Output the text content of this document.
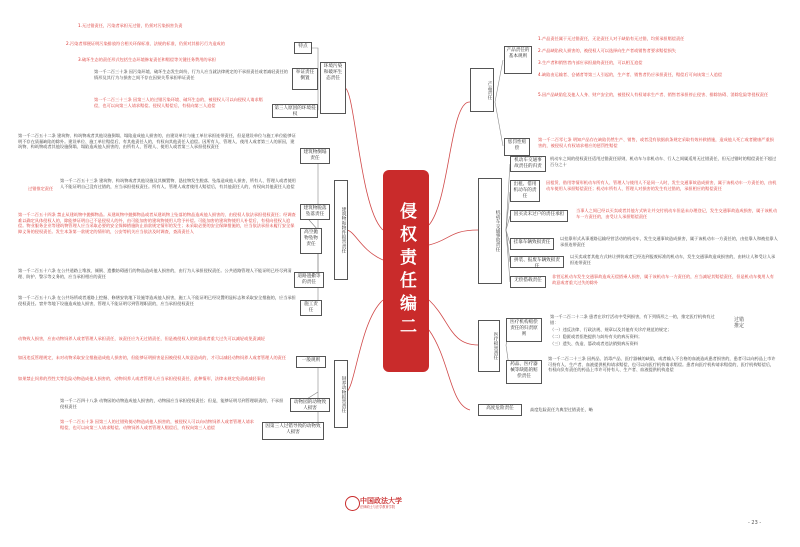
侵权责任编二
环境污染和破坏生态责任
特点
1.无过错责任，污染者承担无过错，仍须对污染损害负责
2.污染者那便证明污染排放符合相关环保标准、法规的标准，仍须对其排污行为造成的
3.破坏生态的责任形式包括生态环境修复责任和赔偿等关键任务费用的承担
举证责任倒置
第一千二百三十条 因污染环境、破坏生态发生纠纷，行为人应当就法律规定的不承担责任或者减轻责任的情形及其行为与损害之间不存在因果关系承担举证责任
第三人原因的环境侵权
第一千二百三十三条 因第三人的过错污染环境、破坏生态的，被侵权人可以向侵权人请求赔偿，也可以向第三人请求赔偿。侵权人赔偿后，有权向第三人追偿
建筑物和物件损害责任
建筑物倒塌责任
第一千二百五十二条 建筑物、构筑物或者其他设施倒塌、塌陷造成他人损害的，由建设单位与施工单位承担连带责任，但是建设单位与施工单位能够证明不存在质量缺陷的除外。建设单位、施工单位赔偿后，有其他责任人的，有权向其他责任人追偿。因所有人、管理人、使用人或者第三人的原因，建筑物、构筑物或者其他设施倒塌、塌陷造成他人损害的，由所有人、管理人、使用人或者第三人承担侵权责任
过错推定责任
建筑物脱落坠落责任
第一千二百五十三条 建筑物、构筑物或者其他设施及其搁置物、悬挂物发生脱落、坠落造成他人损害，所有人、管理人或者使用人不能证明自己没有过错的，应当承担侵权责任。所有人、管理人或者使用人赔偿后，有其他责任人的，有权向其他责任人追偿
高空抛物坠物责任
第一千二百五十四条 禁止从建筑物中抛掷物品。从建筑物中抛掷物品或者从建筑物上坠落的物品造成他人损害的，由侵权人依法承担侵权责任；经调查难以确定具体侵权人的，除能够证明自己不是侵权人的外，由可能加害的建筑物使用人给予补偿。可能加害的建筑物使用人补偿后，有权向侵权人追偿。物业服务企业等建筑物管理人应当采取必要的安全保障措施防止前款规定情形的发生；未采取必要的安全保障措施的，应当依法承担未履行安全保障义务的侵权责任。发生本条第一款规定的情形的，公安等机关应当依法及时调查，查清责任人
道路遗撒等的责任
第一千二百五十六条 在公共道路上堆放、倾倒、遗撒妨碍通行的物品造成他人损害的，由行为人承担侵权责任。公共道路管理人不能证明已经尽到清理、防护、警示等义务的，应当承担相应的责任
施工责任
第一千二百五十八条 在公共场所或者道路上挖掘、修缮安装地下设施等造成他人损害，施工人不能证明已经设置明显标志和采取安全措施的，应当承担侵权责任。窨井等地下设施造成他人损害，管理人不能证明尽到管理职责的，应当承担侵权责任
饲养动物损害责任
一般规则
动物致人损害，应由动物饲养人或者管理人承担责任，该责任应为无过错责任，但是被侵权人的故意或者重大过失可以减轻或免责减轻
如因违反管理规定，未对动物采取安全措施造成他人损害的，但能够证明损害是因被侵权人故意造成的，才可以减轻动物饲养人或者管理人的责任
如果禁止饲养的烈性犬等危险动物造成他人损害的，动物饲养人或者管理人应当承担侵权责任，此种情形，法律未规定免责或减轻事由
动物园的动物致人损害
第一千二百四十八条 动物园的动物造成他人损害的，动物园应当承担侵权责任；但是，能够证明尽到管理职责的，不承担侵权责任
因第三人过错导致的动物致人损害
第一千二百五十条 因第三人的过错致使动物造成他人损害的，被侵权人可以向动物饲养人或者管理人请求赔偿，也可以向第三人请求赔偿。动物饲养人或者管理人赔偿后，有权向第三人追偿
产品责任
产品责任的基本规则
1.产品责任属于无过错责任，无论责任人对于缺陷有无过错，均须承担赔偿责任
2.产品缺陷致人损害的，被侵权人可以选择向生产者或销售者要求赔偿损失
3.生产者和销售者内部应承担最终责任的，可以相互追偿
4.缺陷由运输者、仓储者等第三人引起的，生产者、销售者仍应承担责任，赔偿后可向该第三人追偿
5.因产品缺陷危及他人人身、财产安全的，被侵权人有权请求生产者、销售者承担停止侵害、排除妨碍、消除危险等侵权责任
惩罚性赔偿
第一千二百零七条 明知产品存在缺陷仍然生产、销售，或者没有依据前条规定采取有效补救措施，造成他人死亡或者健康严重损害的，被侵权人有权请求相应的惩罚性赔偿
机动车交通事故责任
机动车交通事故责任的归责
机动车之间的侵权责任适用过错责任原则，机动车与非机动车、行人之间属适用无过错责任，但无过错时的赔偿责任不超过百分之十
出租、借用机动车的责任
因租赁、借用等情形机动车所有人、管理人与使用人不是同一人时，发生交通事故造成损害，属于该机动车一方责任的，由机动车使用人承担赔偿责任；机动车所有人、管理人对损害的发生有过错的，承担相应的赔偿责任
因买卖未过户的责任承担
当事人之间已经以买卖或者其他方式转让并交付机动车但是未办理登记，发生交通事故造成损害，属于该机动车一方责任的，由受让人承担赔偿责任
挂靠车辆致损责任
以挂靠形式从事道路运输经营活动的机动车，发生交通事故造成损害，属于该机动车一方责任的，由挂靠人和被挂靠人承担连带责任
拼装、报废车辆致损责任
以买卖或者其他方式转让拼装或者已经达到报废标准的机动车，发生交通事故造成损害的，由转让人和受让人承担连带责任
无偿搭载责任
非营运机动车发生交通事故造成无偿搭乘人损害，属于该机动车一方责任的，应当减轻其赔偿责任，但是机动车使用人有故意或者重大过失的除外
医疗损害责任
医疗机构赔偿责任的归责原则
第一千二百二十二条 患者在诊疗活动中受到损害，有下列情形之一的，推定医疗机构有过错：
（一）违反法律、行政法规、规章以及其他有关诊疗规范的规定；
（二）隐匿或者拒绝提供与纠纷有关的病历资料；
（三）遗失、伪造、篡改或者违法销毁病历资料
过错推定
药品、医疗器械等缺陷的赔偿责任
第一千二百二十三条 因药品、消毒产品、医疗器械的缺陷，或者输入不合格的血液造成患者损害的，患者可以向药品上市许可持有人、生产者、血液提供机构请求赔偿，也可以向医疗机构请求赔偿。患者向医疗机构请求赔偿的，医疗机构赔偿后，有权向负有责任的药品上市许可持有人、生产者、血液提供机构追偿
高度危险责任	高度危险责任为典型过错责任，略
中国政法大学
法律硕士与法学教育学院
- 23 -
